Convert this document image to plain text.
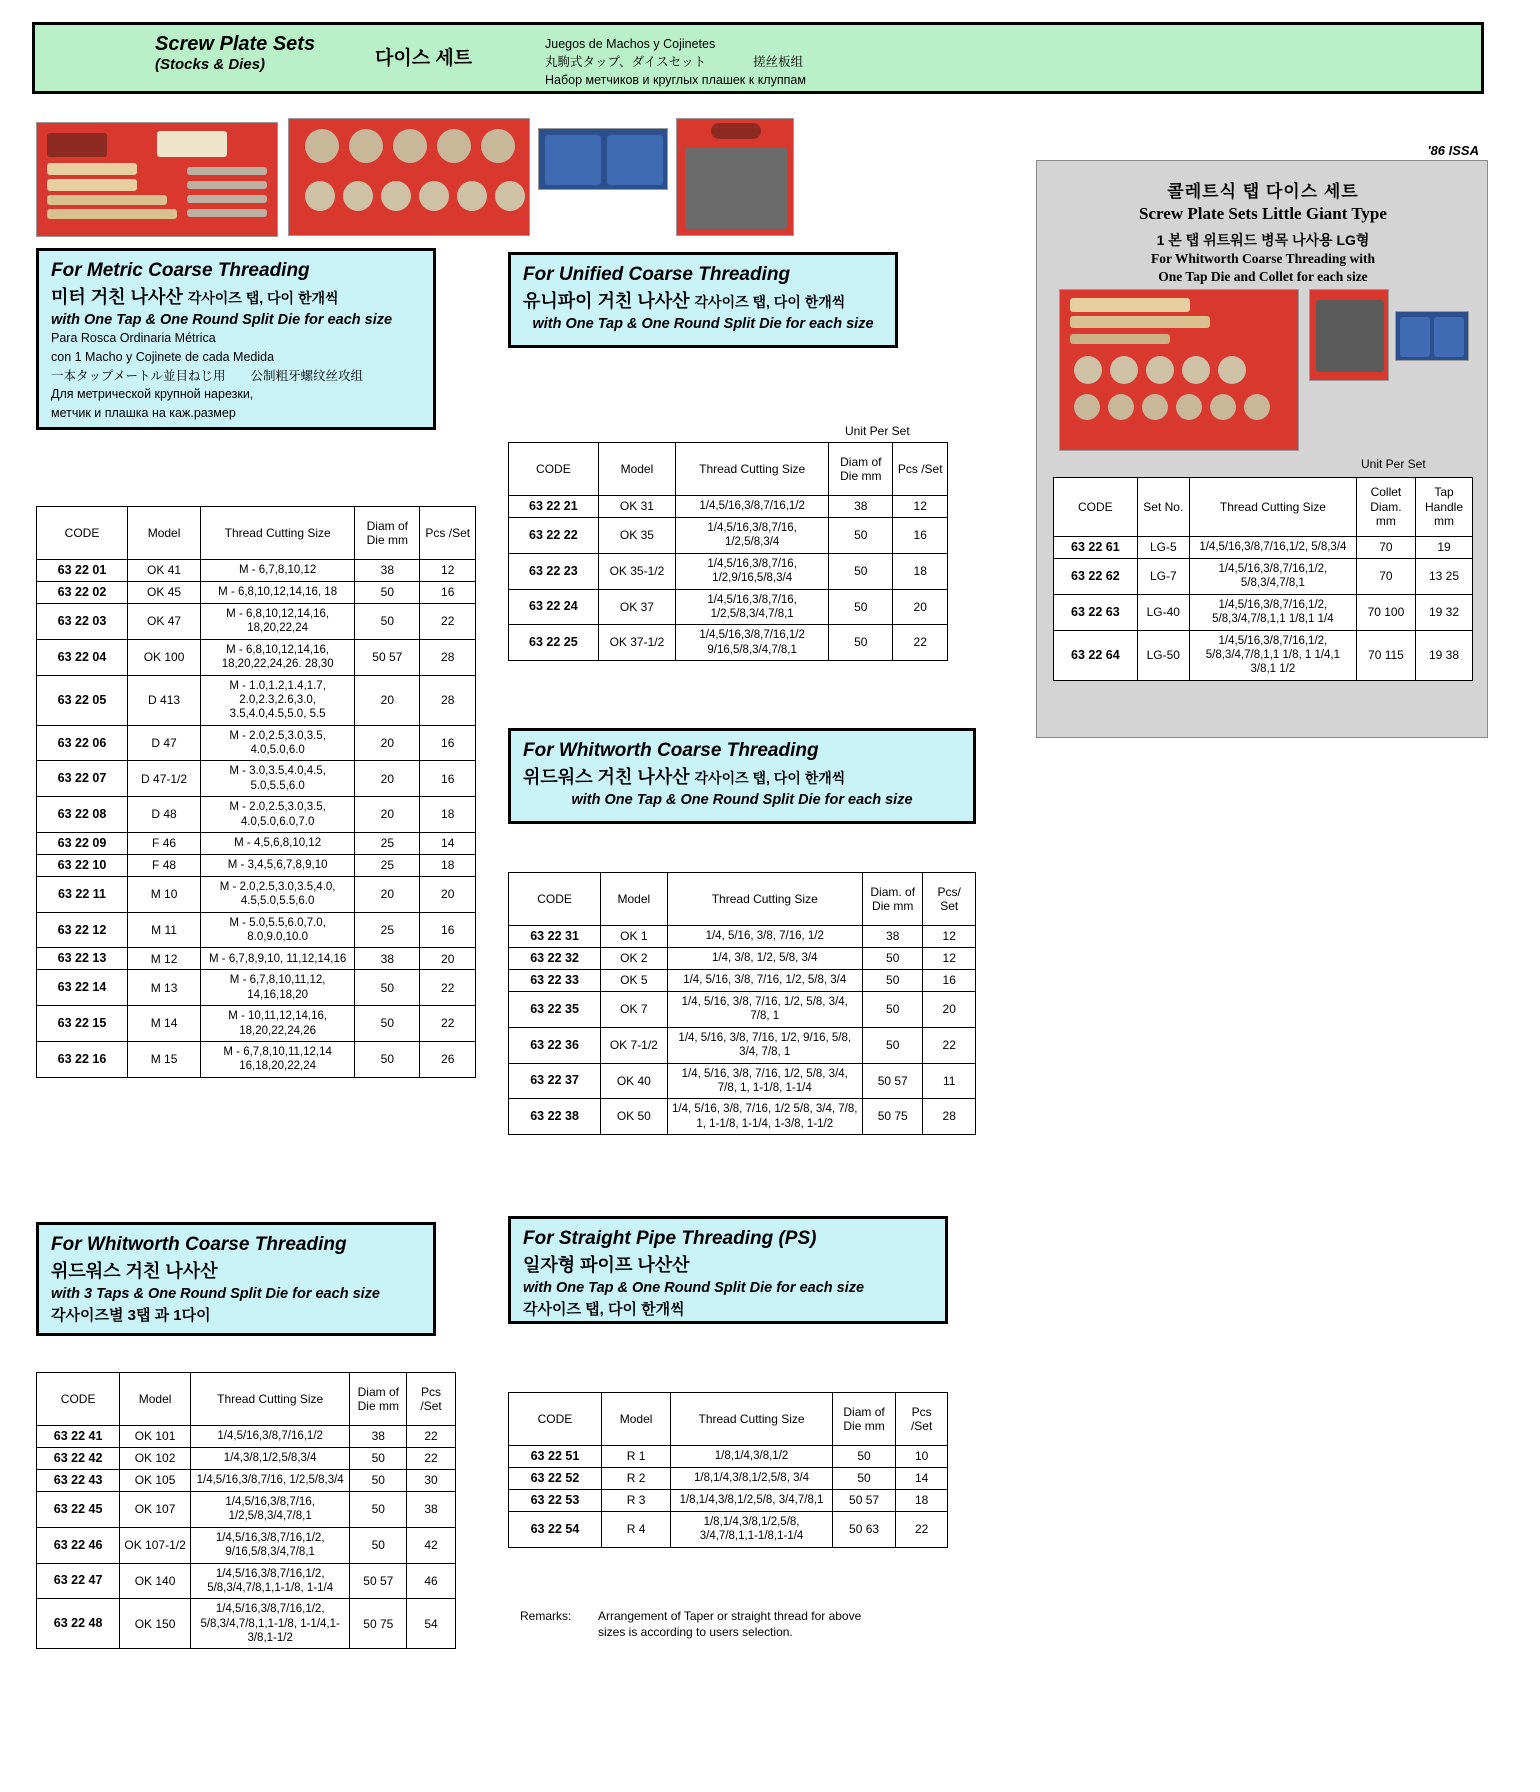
Screw Plate Sets
(Stocks & Dies)	다이스 세트
Juegos de Machos y Cojinetes
丸駒式タップ、ダイスセット	搓丝板组
Набор метчиков и круглых плашек к клуппам
For Metric Coarse Threading
미터 거친 나사산 각사이즈 탭, 다이 한개씩
with One Tap & One Round Split Die for each size
Para Rosca Ordinaria Métrica
con 1 Macho y Cojinete de cada Medida
一本タップメートル並目ねじ用　　公制粗牙螺纹丝攻组
Для метрической крупной нарезки,
метчик и плашка на каж.размер
CODE	Model	Thread Cutting Size	Diam of Die mm	Pcs /Set
63 22 01	OK 41	M - 6,7,8,10,12	38	12
63 22 02	OK 45	M - 6,8,10,12,14,16, 18	50	16
63 22 03	OK 47	M - 6,8,10,12,14,16, 18,20,22,24	50	22
63 22 04	OK 100	M - 6,8,10,12,14,16, 18,20,22,24,26. 28,30	50 57	28
63 22 05	D 413	M - 1.0,1.2,1.4,1.7, 2.0,2.3,2.6,3.0, 3.5,4.0,4.5,5.0, 5.5	20	28
63 22 06	D 47	M - 2.0,2.5,3.0,3.5, 4.0,5.0,6.0	20	16
63 22 07	D 47-1/2	M - 3.0,3.5,4.0,4.5, 5.0,5.5,6.0	20	16
63 22 08	D 48	M - 2.0,2.5,3.0,3.5, 4.0,5.0,6.0,7.0	20	18
63 22 09	F 46	M - 4,5,6,8,10,12	25	14
63 22 10	F 48	M - 3,4,5,6,7,8,9,10	25	18
63 22 11	M 10	M - 2.0,2.5,3.0,3.5,4.0, 4.5,5.0,5.5,6.0	20	20
63 22 12	M 11	M - 5.0,5.5,6.0,7.0, 8.0,9.0,10.0	25	16
63 22 13	M 12	M - 6,7,8,9,10, 11,12,14,16	38	20
63 22 14	M 13	M - 6,7,8,10,11,12, 14,16,18,20	50	22
63 22 15	M 14	M - 10,11,12,14,16, 18,20,22,24,26	50	22
63 22 16	M 15	M - 6,7,8,10,11,12,14 16,18,20,22,24	50	26
For Unified Coarse Threading
유니파이 거친 나사산 각사이즈 탭, 다이 한개씩
with One Tap & One Round Split Die for each size
Unit Per Set
CODE	Model	Thread Cutting Size	Diam of Die mm	Pcs /Set
63 22 21	OK 31	1/4,5/16,3/8,7/16,1/2	38	12
63 22 22	OK 35	1/4,5/16,3/8,7/16, 1/2,5/8,3/4	50	16
63 22 23	OK 35-1/2	1/4,5/16,3/8,7/16, 1/2,9/16,5/8,3/4	50	18
63 22 24	OK 37	1/4,5/16,3/8,7/16, 1/2,5/8,3/4,7/8,1	50	20
63 22 25	OK 37-1/2	1/4,5/16,3/8,7/16,1/2 9/16,5/8,3/4,7/8,1	50	22
For Whitworth Coarse Threading
위드워스 거친 나사산 각사이즈 탭, 다이 한개씩
with One Tap & One Round Split Die for each size
CODE	Model	Thread Cutting Size	Diam. of Die mm	Pcs/ Set
63 22 31	OK 1	1/4, 5/16, 3/8, 7/16, 1/2	38	12
63 22 32	OK 2	1/4, 3/8, 1/2, 5/8, 3/4	50	12
63 22 33	OK 5	1/4, 5/16, 3/8, 7/16, 1/2, 5/8, 3/4	50	16
63 22 35	OK 7	1/4, 5/16, 3/8, 7/16, 1/2, 5/8, 3/4, 7/8, 1	50	20
63 22 36	OK 7-1/2	1/4, 5/16, 3/8, 7/16, 1/2, 9/16, 5/8, 3/4, 7/8, 1	50	22
63 22 37	OK 40	1/4, 5/16, 3/8, 7/16, 1/2, 5/8, 3/4, 7/8, 1, 1-1/8, 1-1/4	50 57	11
63 22 38	OK 50	1/4, 5/16, 3/8, 7/16, 1/2 5/8, 3/4, 7/8, 1, 1-1/8, 1-1/4, 1-3/8, 1-1/2	50 75	28
For Whitworth Coarse Threading
위드워스 거친 나사산
with 3 Taps & One Round Split Die for each size
각사이즈별 3탭 과 1다이
CODE	Model	Thread Cutting Size	Diam of Die mm	Pcs /Set
63 22 41	OK 101	1/4,5/16,3/8,7/16,1/2	38	22
63 22 42	OK 102	1/4,3/8,1/2,5/8,3/4	50	22
63 22 43	OK 105	1/4,5/16,3/8,7/16, 1/2,5/8,3/4	50	30
63 22 45	OK 107	1/4,5/16,3/8,7/16, 1/2,5/8,3/4,7/8,1	50	38
63 22 46	OK 107-1/2	1/4,5/16,3/8,7/16,1/2, 9/16,5/8,3/4,7/8,1	50	42
63 22 47	OK 140	1/4,5/16,3/8,7/16,1/2, 5/8,3/4,7/8,1,1-1/8, 1-1/4	50 57	46
63 22 48	OK 150	1/4,5/16,3/8,7/16,1/2, 5/8,3/4,7/8,1,1-1/8, 1-1/4,1-3/8,1-1/2	50 75	54
For Straight Pipe Threading (PS)
일자형 파이프 나산산
with One Tap & One Round Split Die for each size
각사이즈 탭, 다이 한개씩
CODE	Model	Thread Cutting Size	Diam of Die mm	Pcs /Set
63 22 51	R 1	1/8,1/4,3/8,1/2	50	10
63 22 52	R 2	1/8,1/4,3/8,1/2,5/8, 3/4	50	14
63 22 53	R 3	1/8,1/4,3/8,1/2,5/8, 3/4,7/8,1	50 57	18
63 22 54	R 4	1/8,1/4,3/8,1/2,5/8, 3/4,7/8,1,1-1/8,1-1/4	50 63	22
Remarks: Arrangement of Taper or straight thread for above
sizes is according to users selection.
'86 ISSA
콜레트식 탭 다이스 세트
Screw Plate Sets Little Giant Type
1 본 탭 위트워드 병목 나사용 LG형
For Whitworth Coarse Threading with
One Tap Die and Collet for each size
Unit Per Set
CODE	Set No.	Thread Cutting Size	Collet Diam. mm	Tap Handle mm
63 22 61	LG-5	1/4,5/16,3/8,7/16,1/2, 5/8,3/4	70	19
63 22 62	LG-7	1/4,5/16,3/8,7/16,1/2, 5/8,3/4,7/8,1	70	13 25
63 22 63	LG-40	1/4,5/16,3/8,7/16,1/2, 5/8,3/4,7/8,1,1 1/8,1 1/4	70 100	19 32
63 22 64	LG-50	1/4,5/16,3/8,7/16,1/2, 5/8,3/4,7/8,1,1 1/8, 1 1/4,1 3/8,1 1/2	70 115	19 38
